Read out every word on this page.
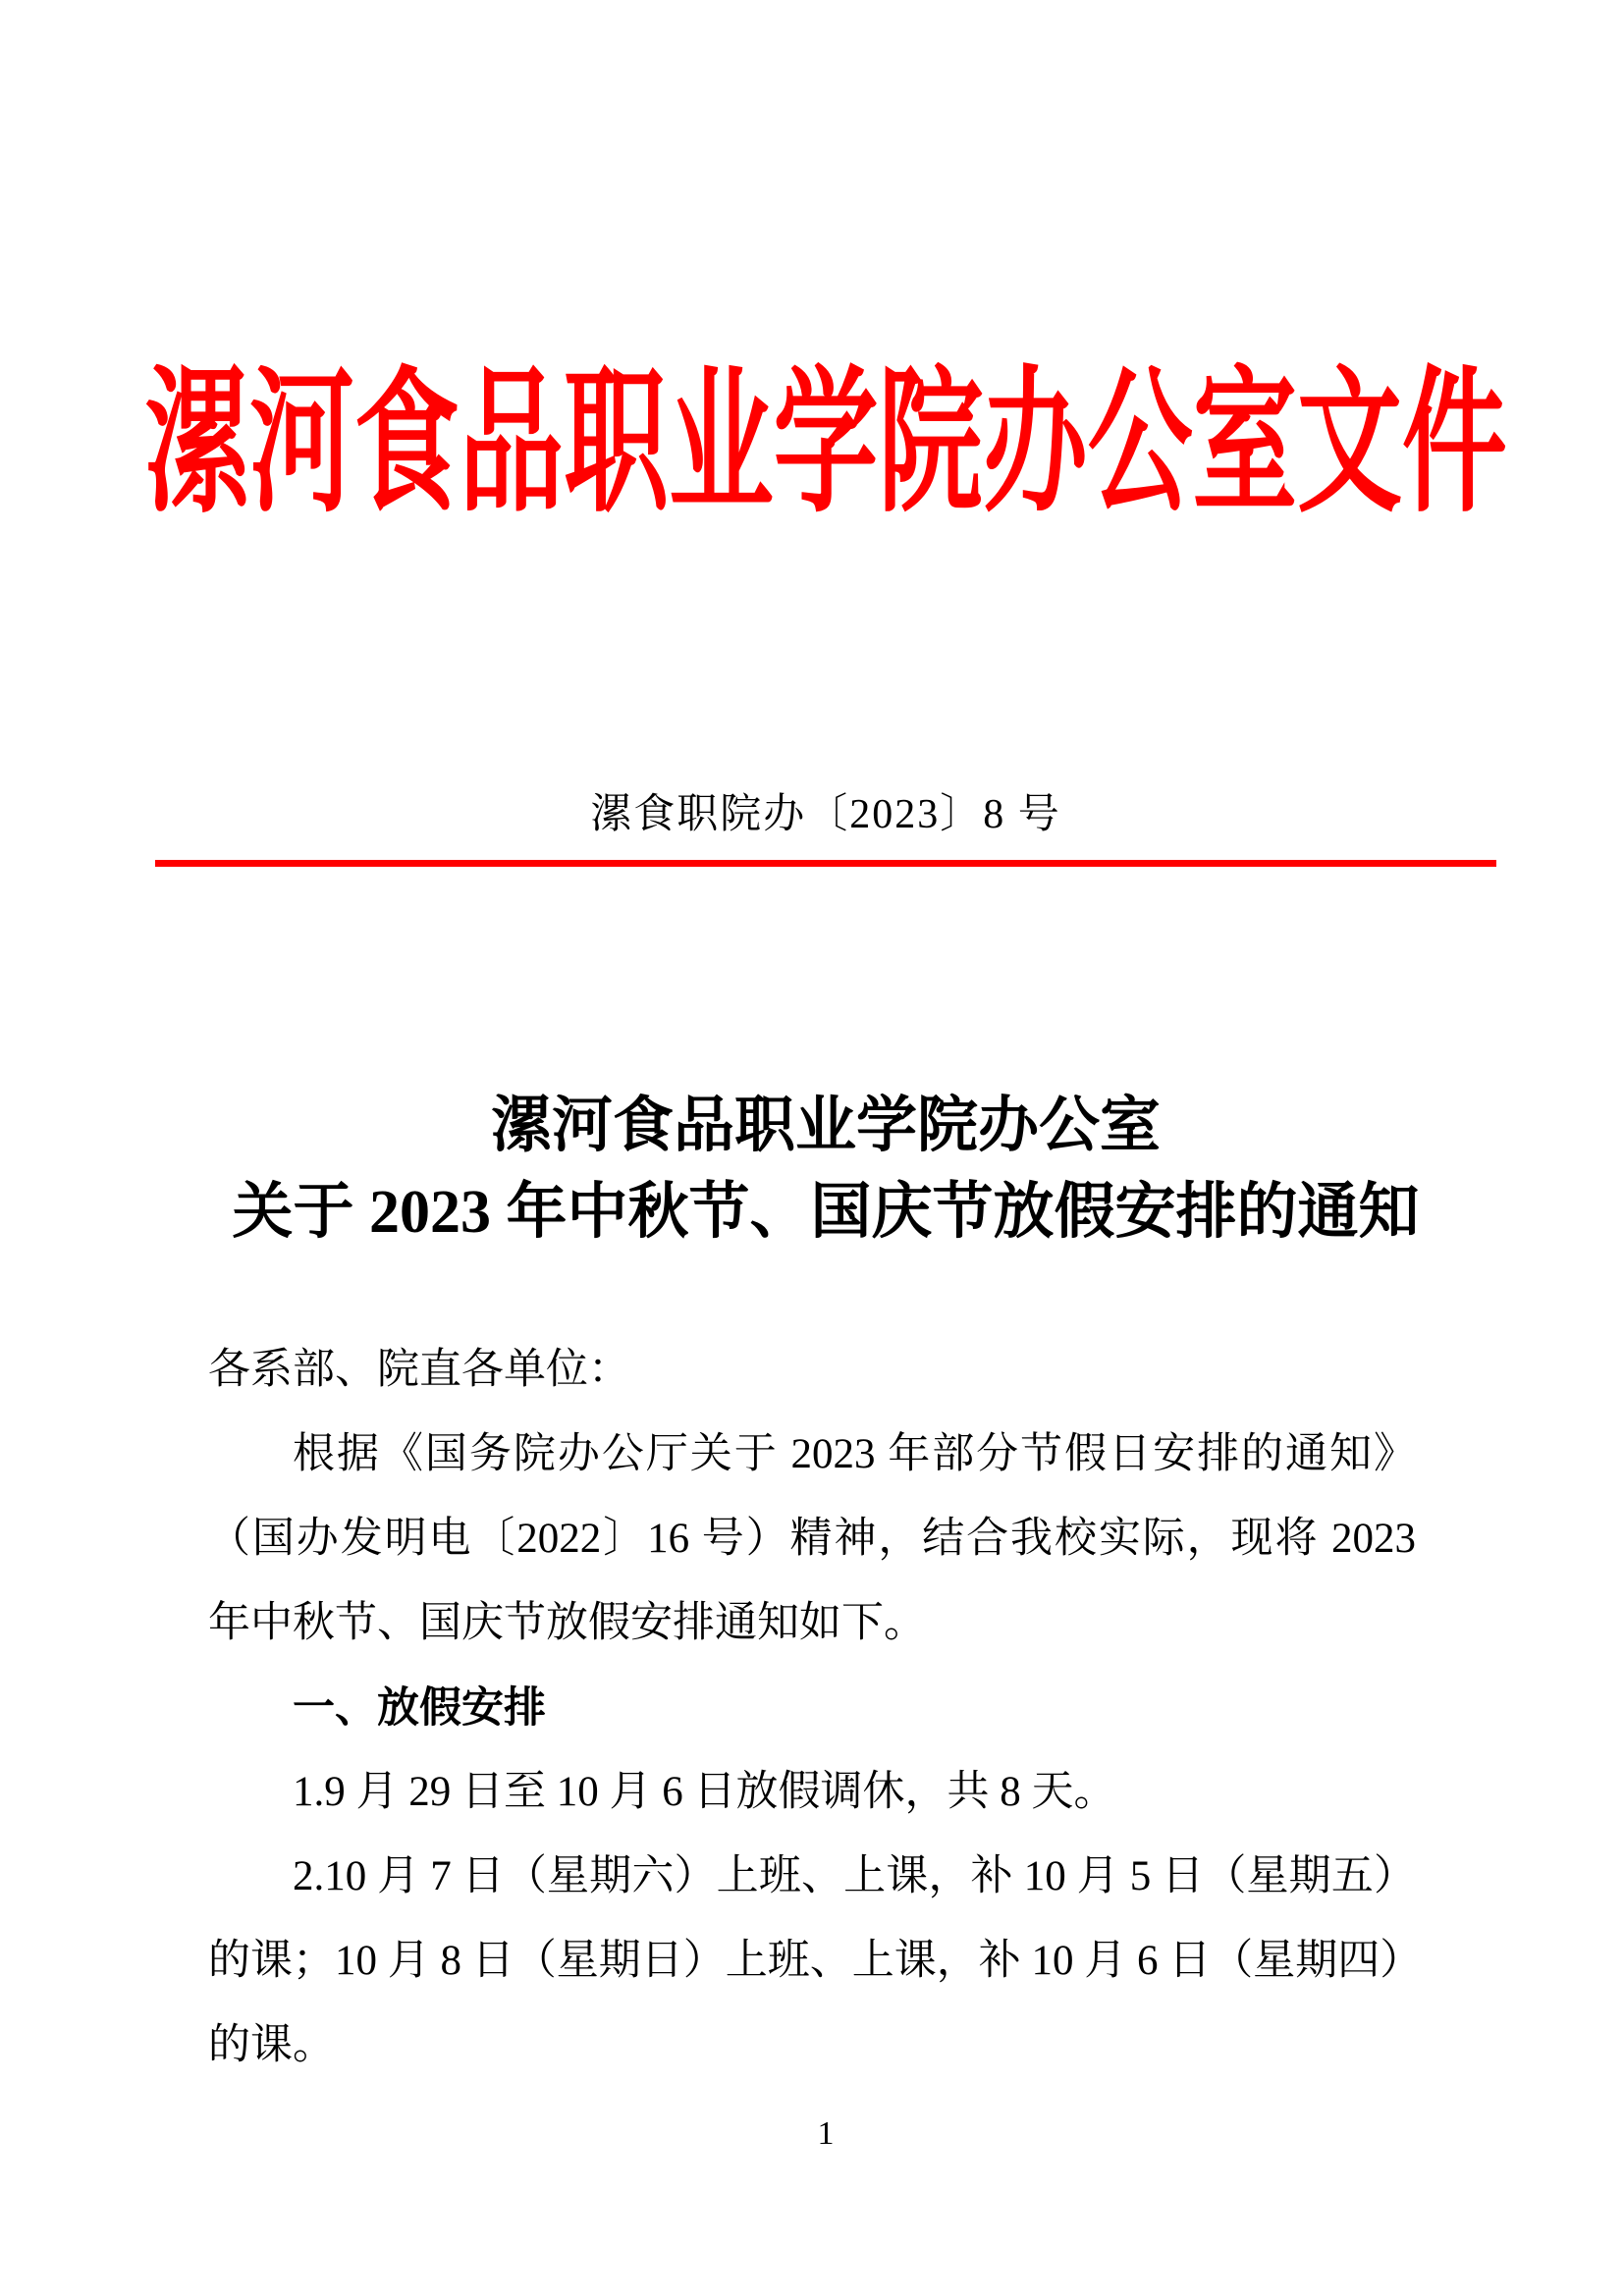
漯河食品职业学院办公室文件
漯食职院办〔2023〕8 号
漯河食品职业学院办公室
关于 2023 年中秋节、国庆节放假安排的通知
各系部、院直各单位：
根据《国务院办公厅关于 2023 年部分节假日安排的通知》
（国办发明电〔2022〕16 号）精神，结合我校实际，现将 2023
年中秋节、国庆节放假安排通知如下。
一、放假安排
1.9 月 29 日至 10 月 6 日放假调休，共 8 天。
2.10 月 7 日（星期六）上班、上课，补 10 月 5 日（星期五）
的课；10 月 8 日（星期日）上班、上课，补 10 月 6 日（星期四）
的课。
1
